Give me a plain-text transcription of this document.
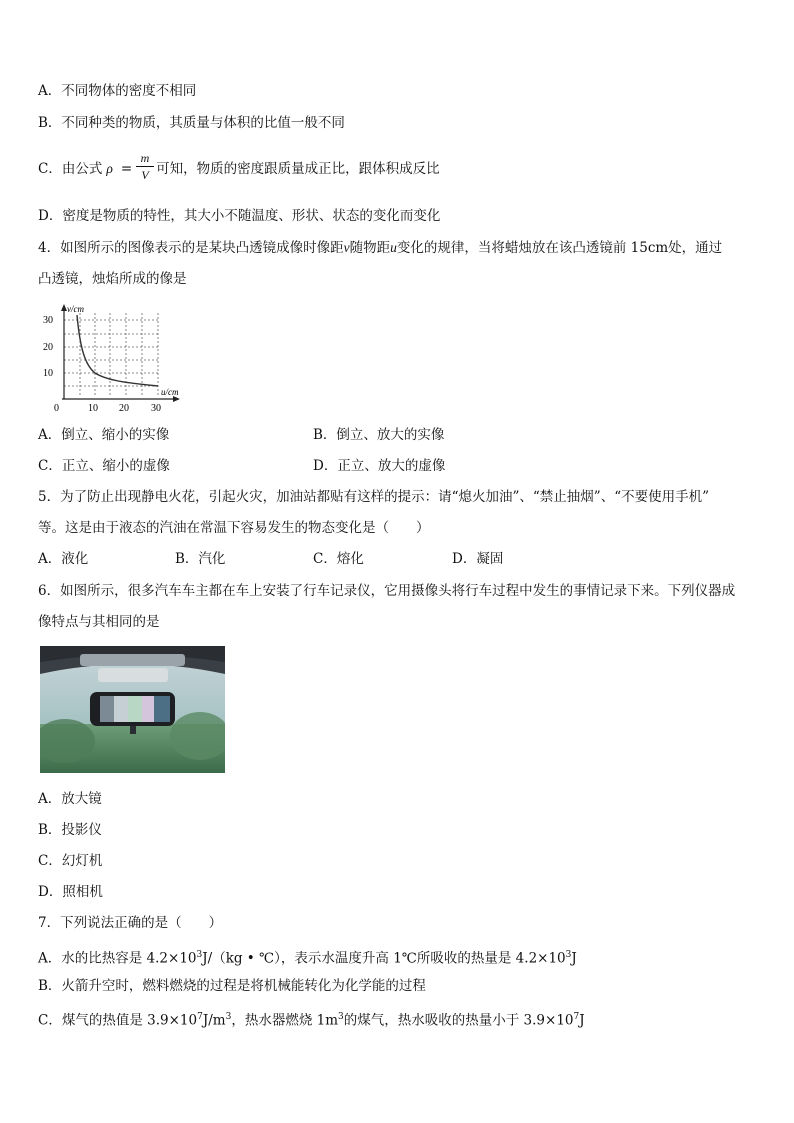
A．不同物体的密度不相同
B．不同种类的物质，其质量与体积的比值一般不同
C．由公式 ρ = 可知，物质的密度跟质量成正比，跟体积成反比
m
V
D．密度是物质的特性，其大小不随温度、形状、状态的变化而变化
4．如图所示的图像表示的是某块凸透镜成像时像距v随物距u变化的规律，当将蜡烛放在该凸透镜前 15cm处，通过
凸透镜，烛焰所成的像是
v/cm
u/cm
30
20
10
0	10 20 30
A．倒立、缩小的实像	B．倒立、放大的实像
C．正立、缩小的虚像	D．正立、放大的虚像
5．为了防止出现静电火花，引起火灾，加油站都贴有这样的提示：请“熄火加油”、“禁止抽烟”、“不要使用手机”
等。这是由于液态的汽油在常温下容易发生的物态变化是（　　）
A．液化	B．汽化	C．熔化	D．凝固
6．如图所示，很多汽车车主都在车上安装了行车记录仪，它用摄像头将行车过程中发生的事情记录下来。下列仪器成
像特点与其相同的是
A．放大镜
B．投影仪
C．幻灯机
D．照相机
7．下列说法正确的是（　　）
A．水的比热容是 $4.2\times 10^3J/(kg$ • ℃），表示水温度升高 1℃所吸收的热量是 $4.2\times 10^3J$
B．火箭升空时，燃料燃烧的过程是将机械能转化为化学能的过程
C．煤气的热值是 $3.9\times 10^7J/m^3$，热水器燃烧 $1m^3$的煤气，热水吸收的热量小于 $3.9\times 10^7J$
